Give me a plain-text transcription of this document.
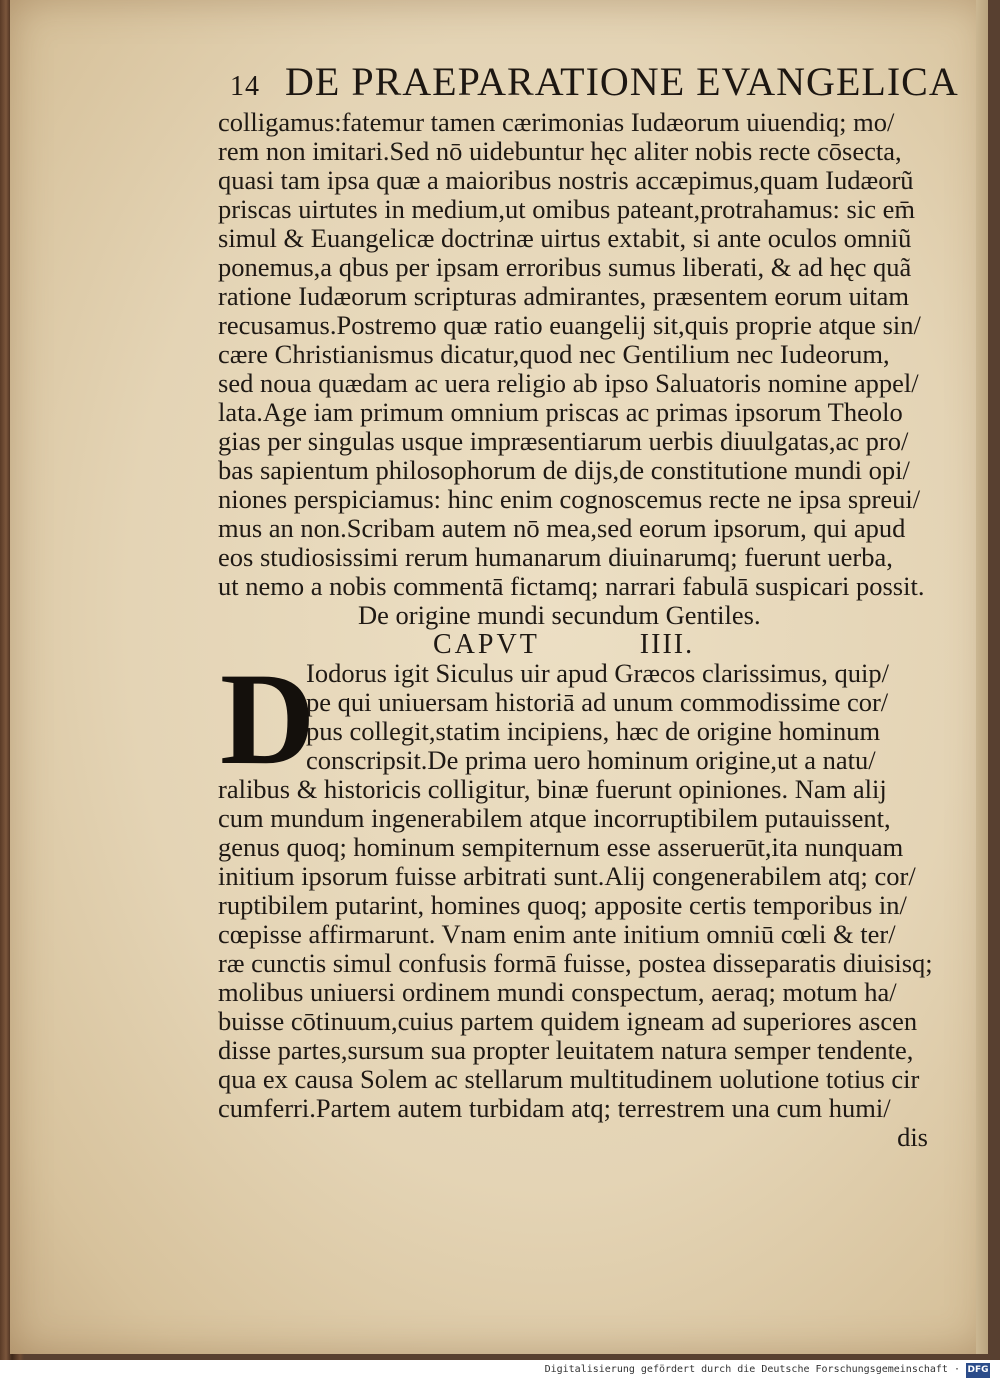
14 DE PRAEPARATIONE EVANGELICA
colligamus:fatemur tamen cærimonias Iudæorum uiuendiq; mo/
rem non imitari.Sed nō uidebuntur hęc aliter nobis recte cōsecta,
quasi tam ipsa quæ a maioribus nostris accæpimus,quam Iudæorũ
priscas uirtutes in medium,ut omibus pateant,protrahamus: sic em̄
simul & Euangelicæ doctrinæ uirtus extabit, si ante oculos omniũ
ponemus,a qbus per ipsam erroribus sumus liberati, & ad hęc quã
ratione Iudæorum scripturas admirantes, præsentem eorum uitam
recusamus.Postremo quæ ratio euangelij sit,quis proprie atque sin/
cære Christianismus dicatur,quod nec Gentilium nec Iudeorum,
sed noua quædam ac uera religio ab ipso Saluatoris nomine appel/
lata.Age iam primum omnium priscas ac primas ipsorum Theolo
gias per singulas usque impræsentiarum uerbis diuulgatas,ac pro/
bas sapientum philosophorum de dijs,de constitutione mundi opi/
niones perspiciamus: hinc enim cognoscemus recte ne ipsa spreui/
mus an non.Scribam autem nō mea,sed eorum ipsorum, qui apud
eos studiosissimi rerum humanarum diuinarumq; fuerunt uerba,
ut nemo a nobis commentā fictamq; narrari fabulā suspicari possit.
De origine mundi secundum Gentiles.
CAPVT	IIII.
D
Iodorus igit Siculus uir apud Græcos clarissimus, quip/
pe qui uniuersam historiā ad unum commodissime cor/
pus collegit,statim incipiens, hæc de origine hominum
conscripsit.De prima uero hominum origine,ut a natu/
ralibus & historicis colligitur, binæ fuerunt opiniones. Nam alij
cum mundum ingenerabilem atque incorruptibilem putauissent,
genus quoq; hominum sempiternum esse asseruerūt,ita nunquam
initium ipsorum fuisse arbitrati sunt.Alij congenerabilem atq; cor/
ruptibilem putarint, homines quoq; apposite certis temporibus in/
cœpisse affirmarunt. Vnam enim ante initium omniū cœli & ter/
ræ cunctis simul confusis formā fuisse, postea disseparatis diuisisq;
molibus uniuersi ordinem mundi conspectum, aeraq; motum ha/
buisse cōtinuum,cuius partem quidem igneam ad superiores ascen
disse partes,sursum sua propter leuitatem natura semper tendente,
qua ex causa Solem ac stellarum multitudinem uolutione totius cir
cumferri.Partem autem turbidam atq; terrestrem una cum humi/
dis
Digitalisierung gefördert durch die Deutsche Forschungsgemeinschaft · DFG
